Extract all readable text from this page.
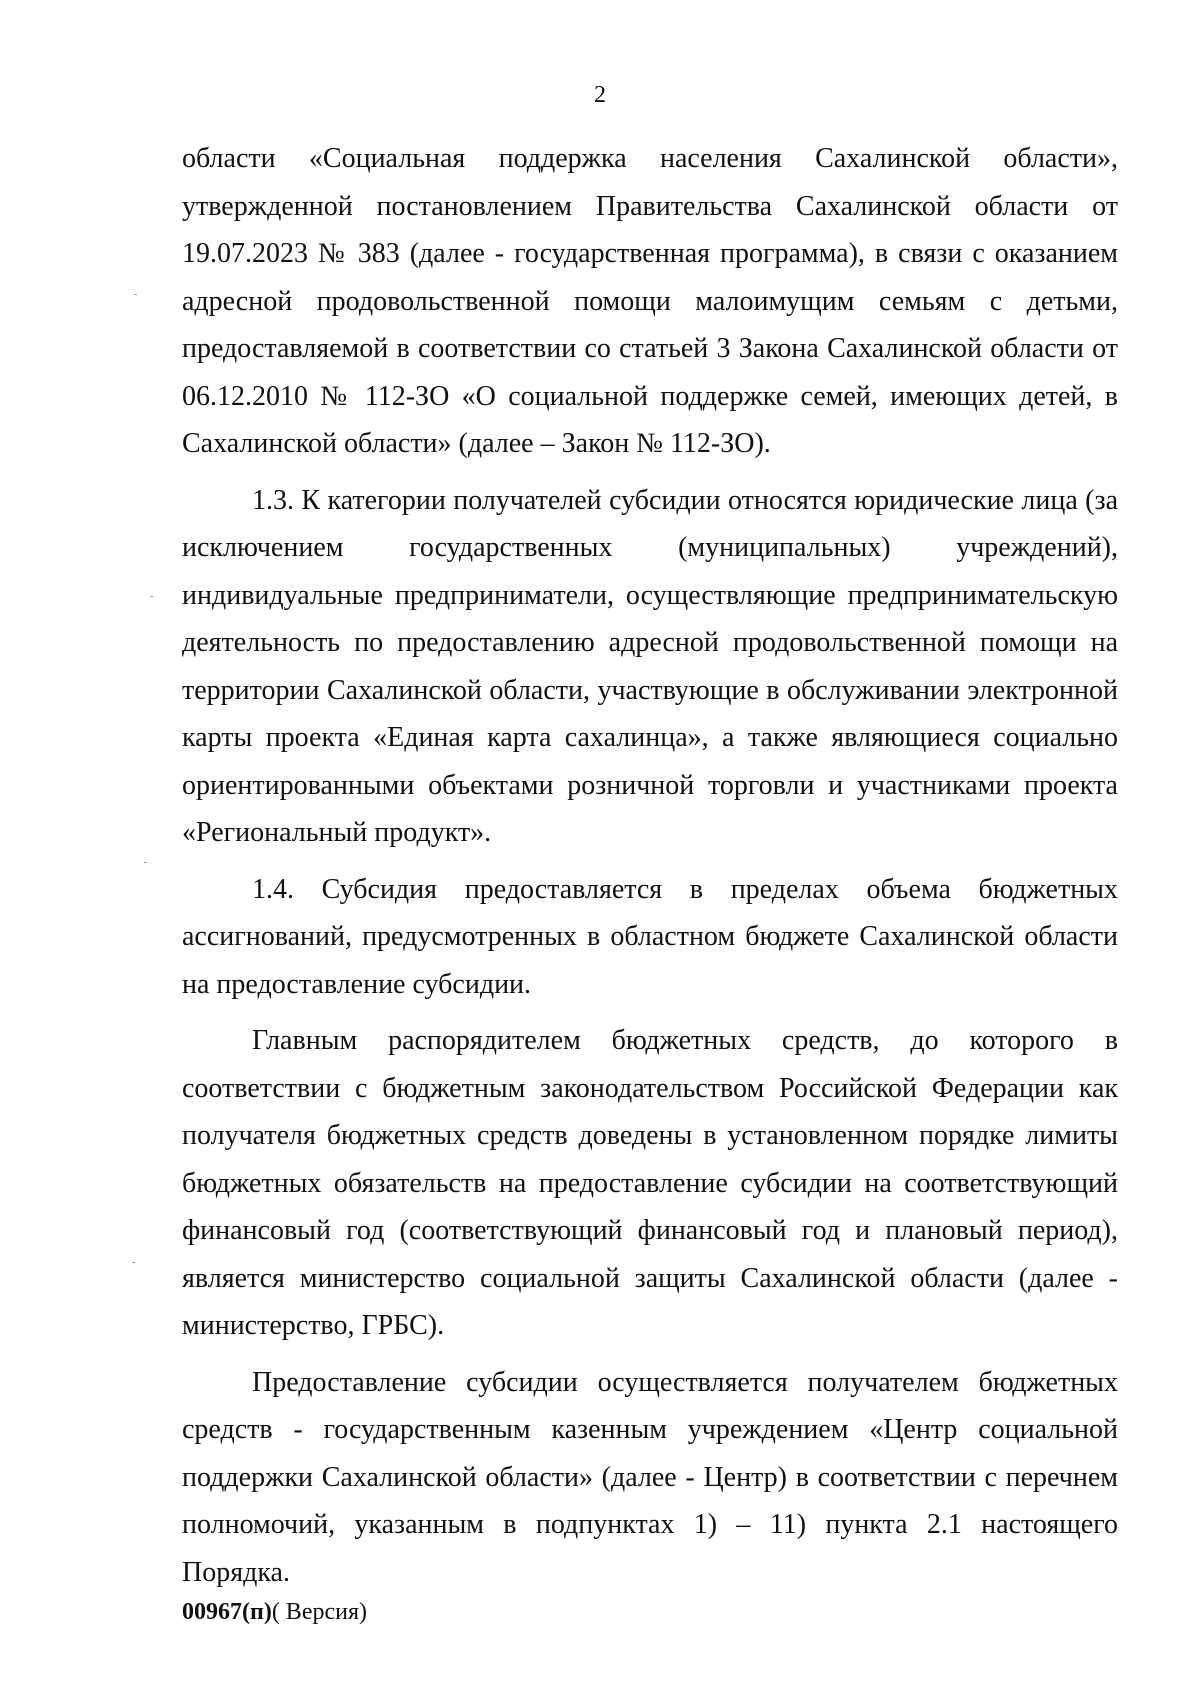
2

области «Социальная поддержка населения Сахалинской области», утвержденной постановлением Правительства Сахалинской области от 19.07.2023 № 383 (далее - государственная программа), в связи с оказанием адресной продовольственной помощи малоимущим семьям с детьми, предоставляемой в соответствии со статьей 3 Закона Сахалинской области от 06.12.2010 № 112-ЗО «О социальной поддержке семей, имеющих детей, в Сахалинской области» (далее – Закон № 112-ЗО).

1.3. К категории получателей субсидии относятся юридические лица (за исключением государственных (муниципальных) учреждений), индивидуальные предприниматели, осуществляющие предпринимательскую деятельность по предоставлению адресной продовольственной помощи на территории Сахалинской области, участвующие в обслуживании электронной карты проекта «Единая карта сахалинца», а также являющиеся социально ориентированными объектами розничной торговли и участниками проекта «Региональный продукт».

1.4. Субсидия предоставляется в пределах объема бюджетных ассигнований, предусмотренных в областном бюджете Сахалинской области на предоставление субсидии.

Главным распорядителем бюджетных средств, до которого в соответствии с бюджетным законодательством Российской Федерации как получателя бюджетных средств доведены в установленном порядке лимиты бюджетных обязательств на предоставление субсидии на соответствующий финансовый год (соответствующий финансовый год и плановый период), является министерство социальной защиты Сахалинской области (далее - министерство, ГРБС).

Предоставление субсидии осуществляется получателем бюджетных средств - государственным казенным учреждением «Центр социальной поддержки Сахалинской области» (далее - Центр) в соответствии с перечнем полномочий, указанным в подпунктах 1) – 11) пункта 2.1 настоящего Порядка.

00967(п)( Версия)
